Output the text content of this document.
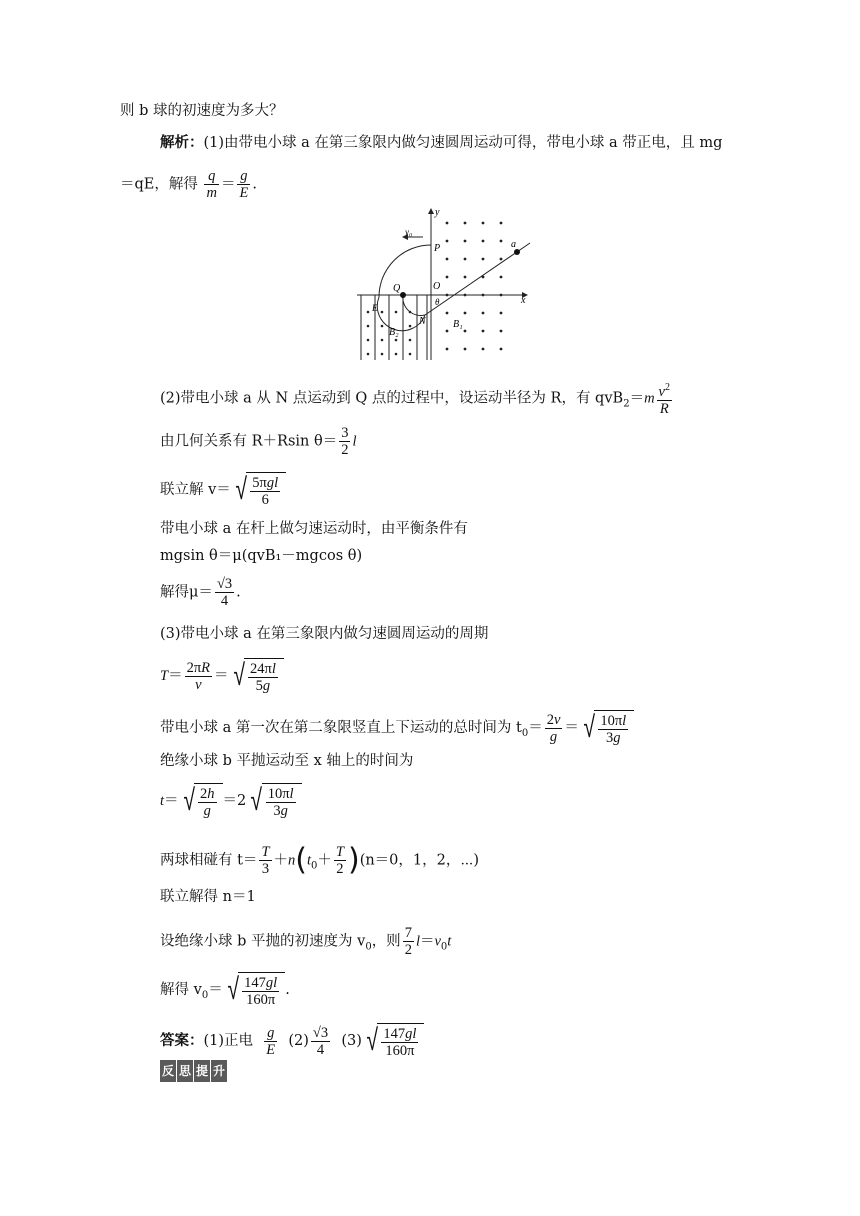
则 b 球的初速度为多大？
解析：(1)由带电小球 a 在第三象限内做匀速圆周运动可得，带电小球 a 带正电，且 mg
＝qE，解得 $\frac{q}{m} = \frac{g}{E}$ .
y
x
O
P
Q
N
a
v₀
θ
B₁
B₂
E
(2)带电小球 a 从 N 点运动到 Q 点的过程中，设运动半径为 R，有 $qvB_2=m \frac{v^2}{R}$
由几何关系有 R＋Rsin $\theta= \frac{3}{2}$ l
联立解 v＝ √ $\frac{\text{5πgl}}{6}$
带电小球 a 在杆上做匀速运动时，由平衡条件有
mgsin θ＝μ(qvB₁－mgcos θ)
解得$\mu= \frac{√3}{4}$ .
(3)带电小球 a 在第三象限内做匀速圆周运动的周期
$T= \frac{2\pi R}{v}$ ＝ √ $\frac{24\pi l}{5g}$
带电小球 a 第一次在第二象限竖直上下运动的总时间为 $t_0= \frac{2v}{g}$ ＝ √ $\frac{10\pi l}{3g}$
绝缘小球 b 平抛运动至 x 轴上的时间为
t＝ √ $\frac{2h}{g} =2$ √ $\frac{10\pi l}{3g}$
两球相碰有 $t= \frac{T}{3} +n(t_0+ \frac{T}{2} )(n=0$，1，2，⋯)
联立解得 n＝1
设绝缘小球 b 平抛的初速度为 $v_0$，则 $\frac{7}{2} l=v_0t$
解得 $v_0=$ √ $\frac{147gl}{160\pi}$ .
答案：(1)正电 $\frac{g}{E} (2) \frac{√3}{4} (3)$ √ $\frac{147gl}{160\pi}$
反 思 提 升
